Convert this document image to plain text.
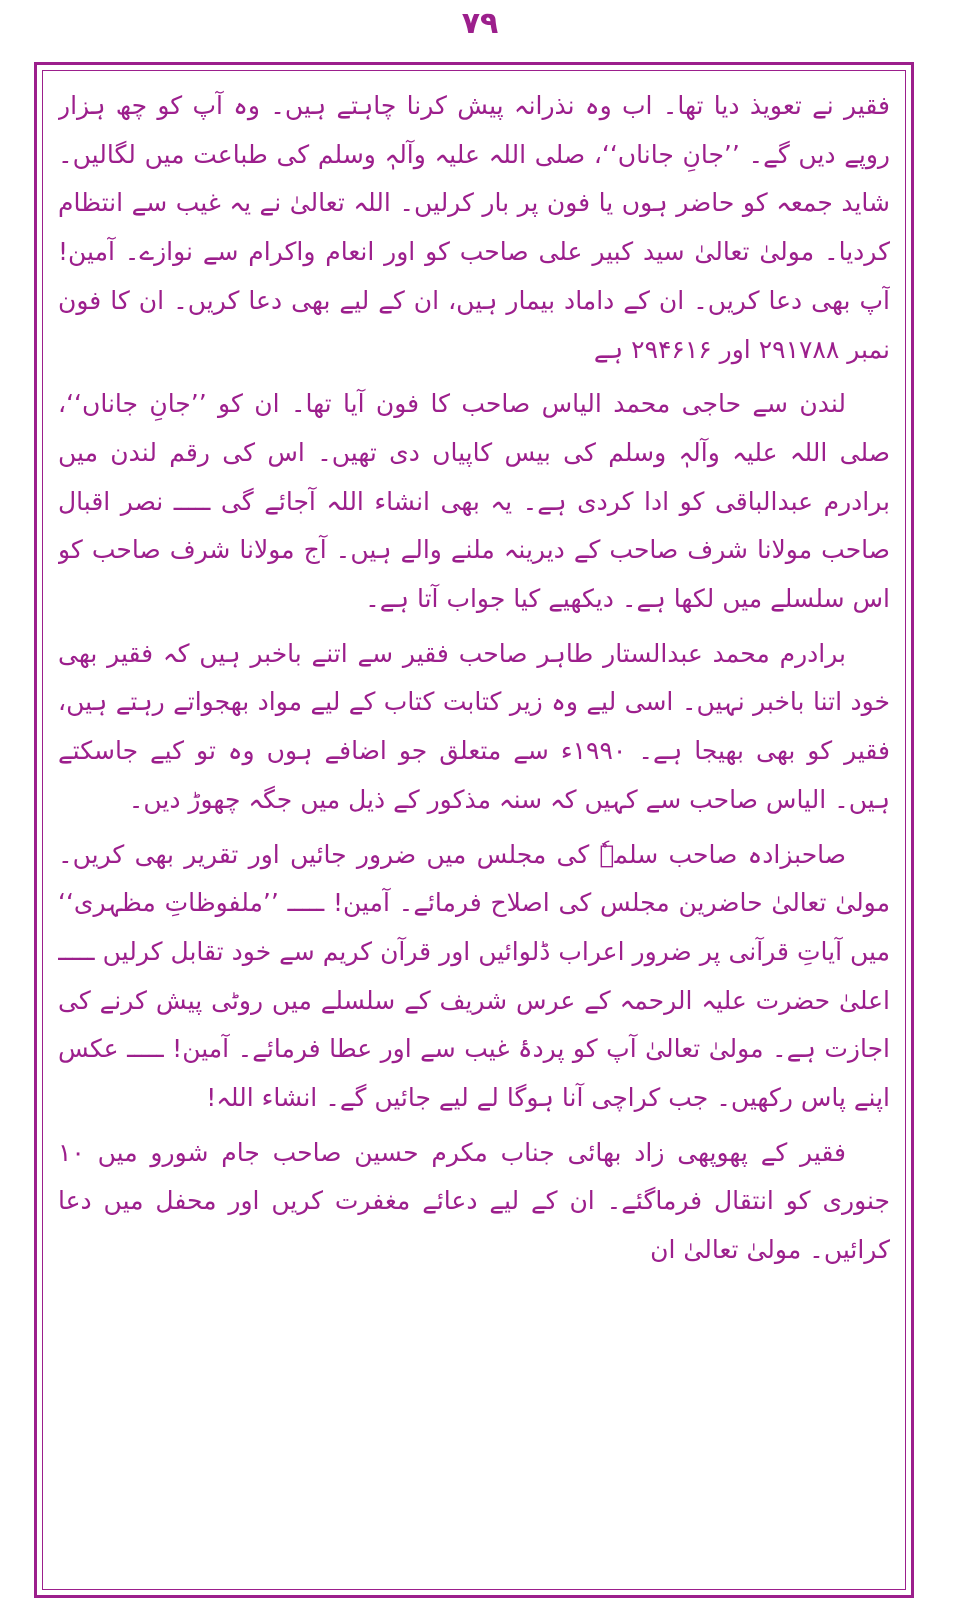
۷۹

فقیر نے تعویذ دیا تھا۔ اب وہ نذرانہ پیش کرنا چاہتے ہیں۔ وہ آپ کو چھ ہزار روپے دیں گے۔ ’’جانِ جاناں‘‘، صلی اللہ علیہ وآلہٖ وسلم کی طباعت میں لگالیں۔ شاید جمعہ کو حاضر ہوں یا فون پر بار کرلیں۔ اللہ تعالیٰ نے یہ غیب سے انتظام کردیا۔ مولیٰ تعالیٰ سید کبیر علی صاحب کو اور انعام واکرام سے نوازے۔ آمین! آپ بھی دعا کریں۔ ان کے داماد بیمار ہیں، ان کے لیے بھی دعا کریں۔ ان کا فون نمبر ۲۹۱۷۸۸ اور ۲۹۴۶۱۶ ہے

لندن سے حاجی محمد الیاس صاحب کا فون آیا تھا۔ ان کو ’’جانِ جاناں‘‘، صلی اللہ علیہ وآلہٖ وسلم کی بیس کاپیاں دی تھیں۔ اس کی رقم لندن میں برادرم عبدالباقی کو ادا کردی ہے۔ یہ بھی انشاء اللہ آجائے گی ـــــ نصر اقبال صاحب مولانا شرف صاحب کے دیرینہ ملنے والے ہیں۔ آج مولانا شرف صاحب کو اس سلسلے میں لکھا ہے۔ دیکھیے کیا جواب آتا ہے۔

برادرم محمد عبدالستار طاہر صاحب فقیر سے اتنے باخبر ہیں کہ فقیر بھی خود اتنا باخبر نہیں۔ اسی لیے وہ زیر کتابت کتاب کے لیے مواد بھجواتے رہتے ہیں، فقیر کو بھی بھیجا ہے۔ ۱۹۹۰ء سے متعلق جو اضافے ہوں وہ تو کیے جاسکتے ہیں۔ الیاس صاحب سے کہیں کہ سنہ مذکور کے ذیل میں جگہ چھوڑ دیں۔

صاحبزادہ صاحب سلمہٗ کی مجلس میں ضرور جائیں اور تقریر بھی کریں۔ مولیٰ تعالیٰ حاضرین مجلس کی اصلاح فرمائے۔ آمین! ـــــ ’’ملفوظاتِ مظہری‘‘ میں آیاتِ قرآنی پر ضرور اعراب ڈلوائیں اور قرآن کریم سے خود تقابل کرلیں ـــــ اعلیٰ حضرت علیہ الرحمہ کے عرس شریف کے سلسلے میں روٹی پیش کرنے کی اجازت ہے۔ مولیٰ تعالیٰ آپ کو پردۂ غیب سے اور عطا فرمائے۔ آمین! ـــــ عکس اپنے پاس رکھیں۔ جب کراچی آنا ہوگا لے لیے جائیں گے۔ انشاء اللہ!

فقیر کے پھوپھی زاد بھائی جناب مکرم حسین صاحب جام شورو میں ۱۰ جنوری کو انتقال فرماگئے۔ ان کے لیے دعائے مغفرت کریں اور محفل میں دعا کرائیں۔ مولیٰ تعالیٰ ان
